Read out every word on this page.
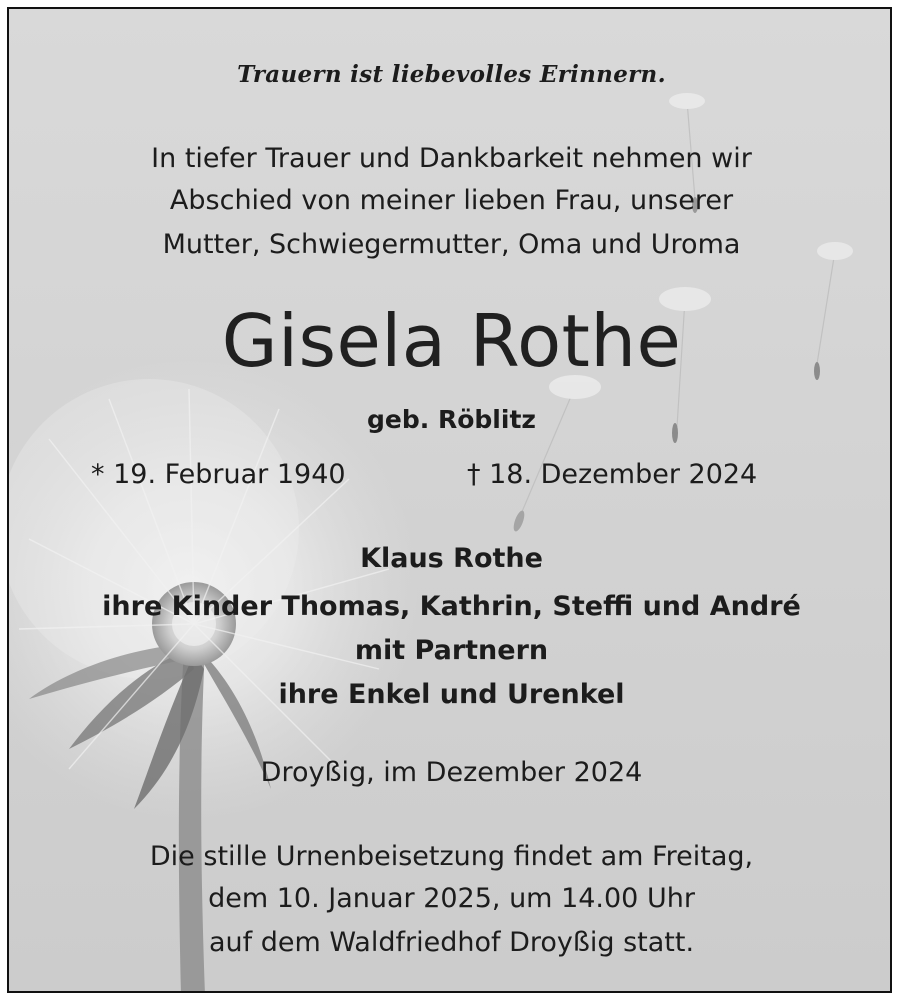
Trauern ist liebevolles Erinnern.
In tiefer Trauer und Dankbarkeit nehmen wir
Abschied von meiner lieben Frau, unserer
Mutter, Schwiegermutter, Oma und Uroma
Gisela Rothe
geb. Röblitz
* 19. Februar 1940	† 18. Dezember 2024
Klaus Rothe
ihre Kinder Thomas, Kathrin, Steffi und André
mit Partnern
ihre Enkel und Urenkel
Droyßig, im Dezember 2024
Die stille Urnenbeisetzung findet am Freitag,
dem 10. Januar 2025, um 14.00 Uhr
auf dem Waldfriedhof Droyßig statt.
